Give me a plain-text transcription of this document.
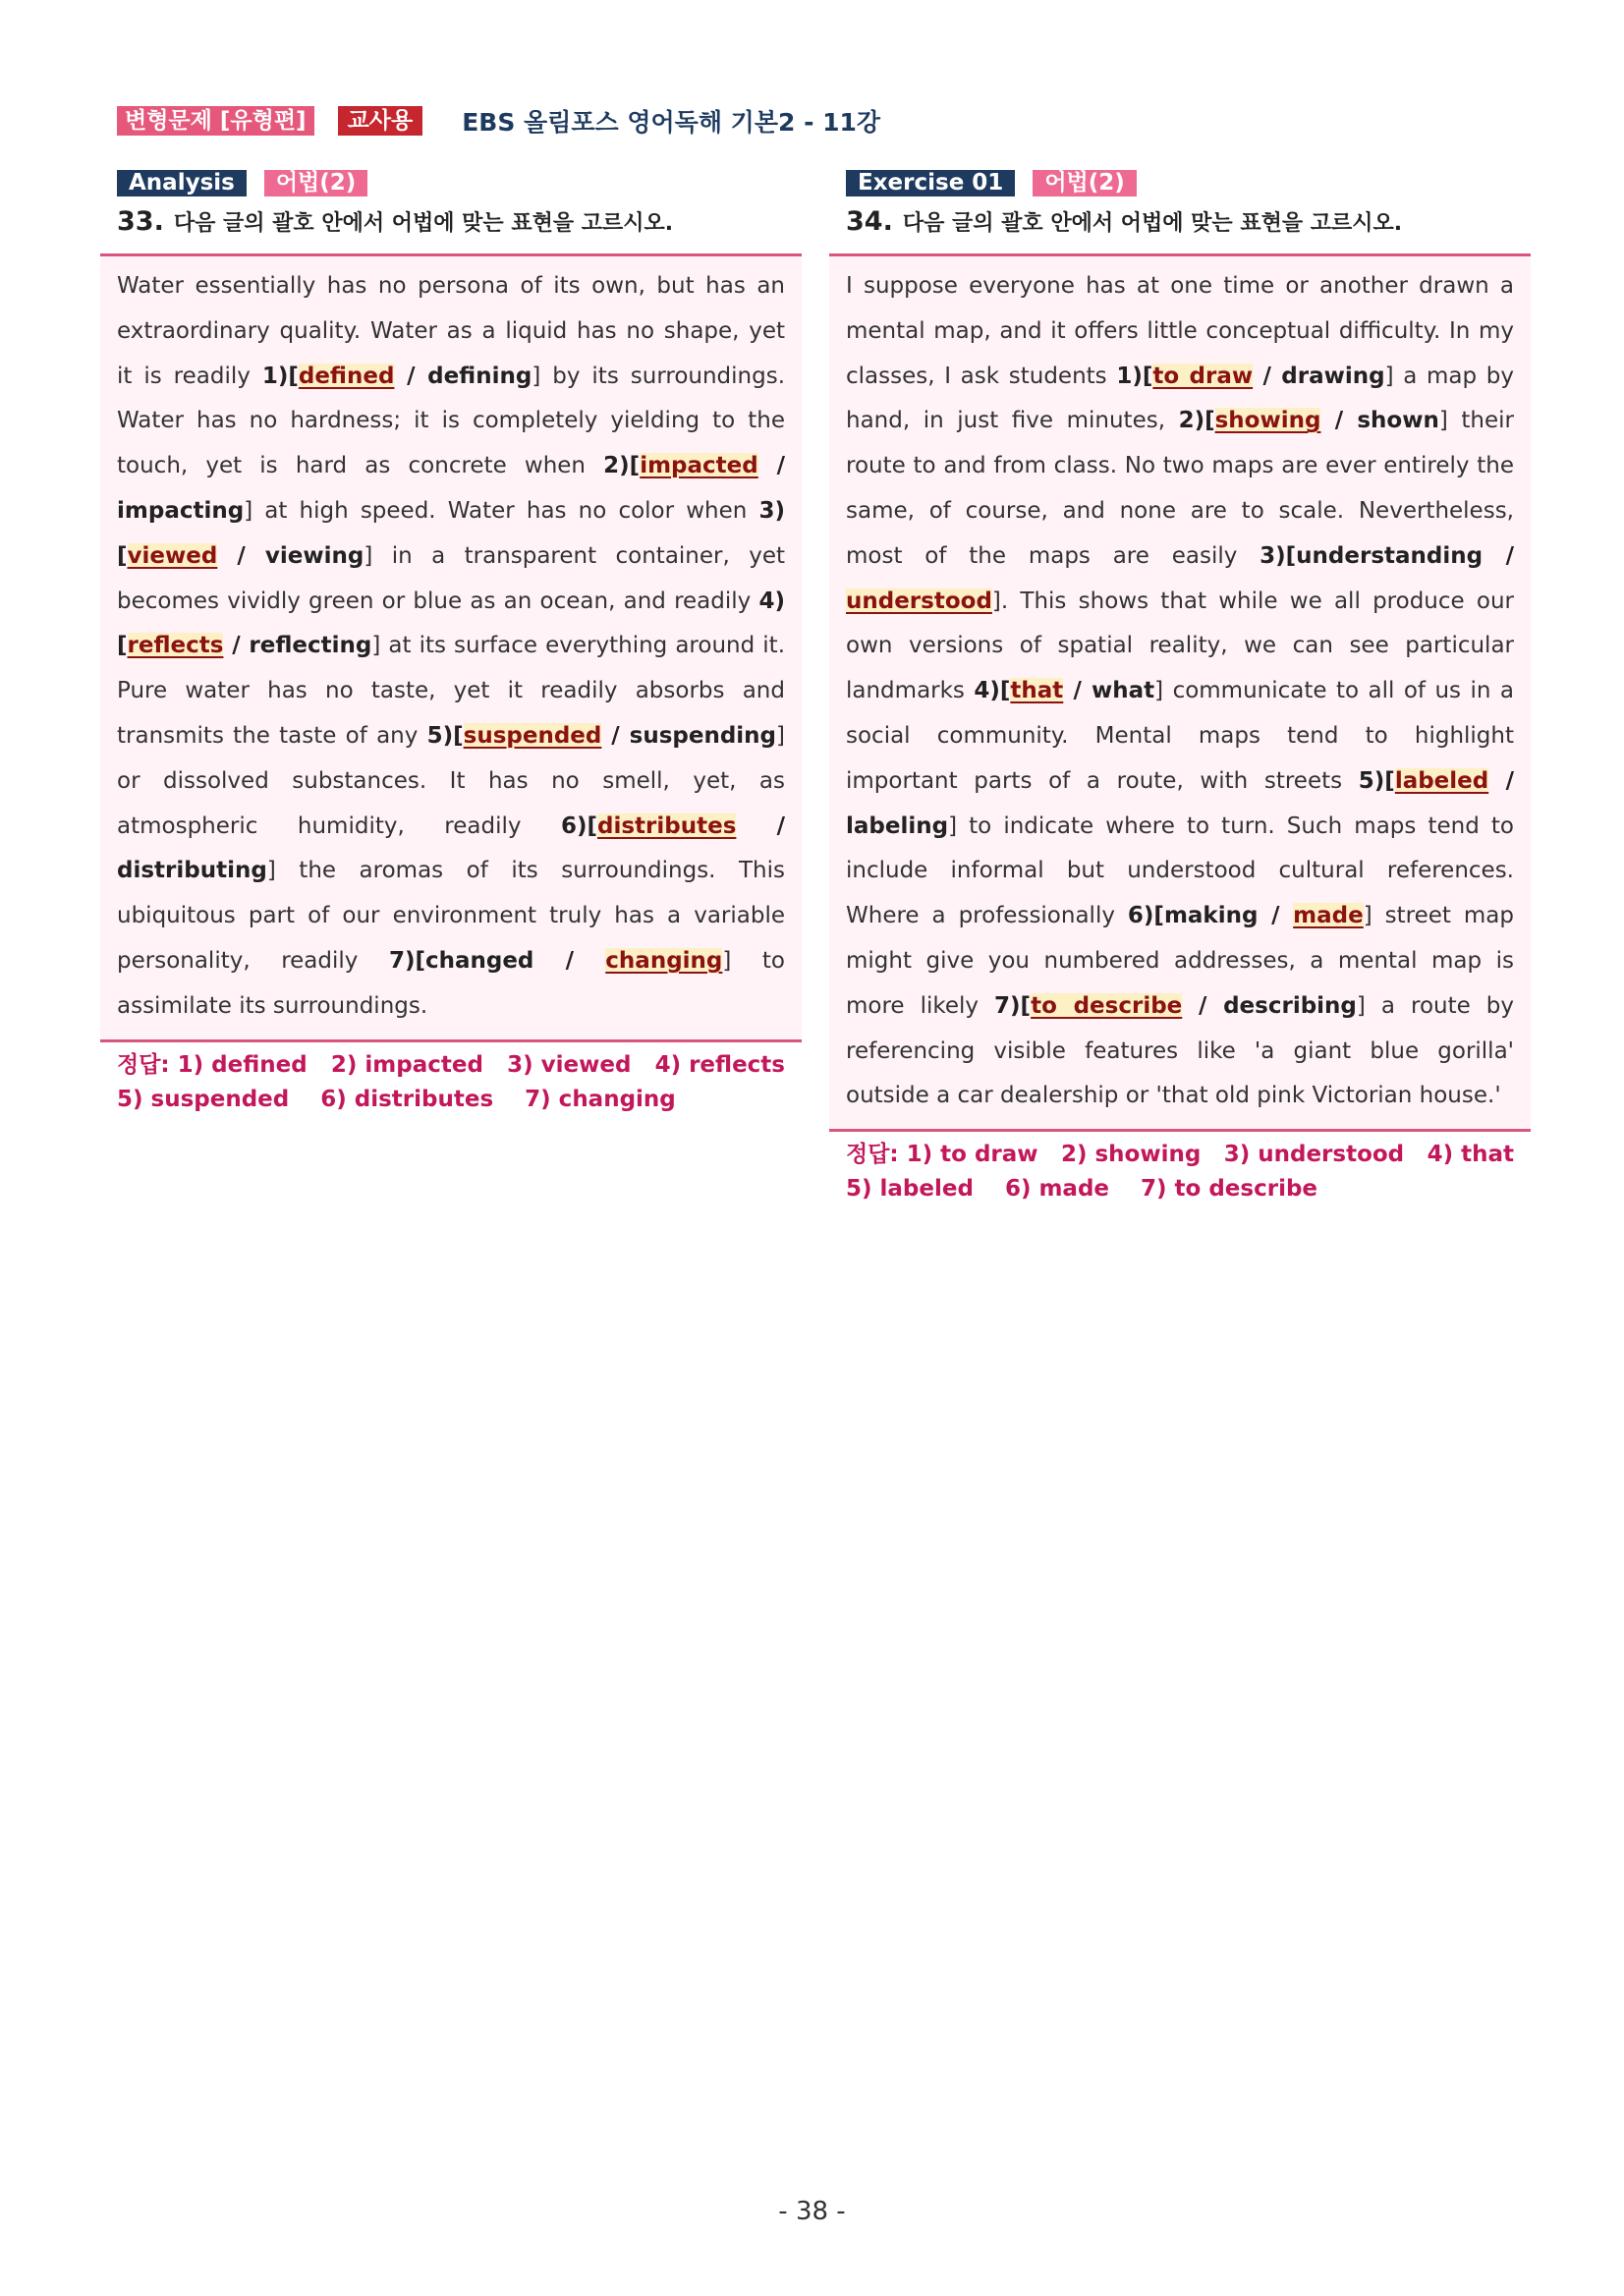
변형문제 [유형편]	교사용	EBS 올림포스 영어독해 기본2 - 11강
Analysis	어법(2)
33. 다음 글의 괄호 안에서 어법에 맞는 표현을 고르시오.
Water essentially has no persona of its own, but has an extraordinary quality. Water as a liquid has no shape, yet it is readily 1)[defined / defining] by its surroundings. Water has no hardness; it is completely yielding to the touch, yet is hard as concrete when 2)[impacted / impacting] at high speed. Water has no color when 3)[viewed / viewing] in a transparent container, yet becomes vividly green or blue as an ocean, and readily 4)[reflects / reflecting] at its surface everything around it. Pure water has no taste, yet it readily absorbs and transmits the taste of any 5)[suspended / suspending] or dissolved substances. It has no smell, yet, as atmospheric humidity, readily 6)[distributes / distributing] the aromas of its surroundings. This ubiquitous part of our environment truly has a variable personality, readily 7)[changed / changing] to assimilate its surroundings.
정답: 1) defined 2) impacted 3) viewed 4) reflects
5) suspended 6) distributes 7) changing
Exercise 01	어법(2)
34. 다음 글의 괄호 안에서 어법에 맞는 표현을 고르시오.
I suppose everyone has at one time or another drawn a mental map, and it offers little conceptual difficulty. In my classes, I ask students 1)[to draw / drawing] a map by hand, in just five minutes, 2)[showing / shown] their route to and from class. No two maps are ever entirely the same, of course, and none are to scale. Nevertheless, most of the maps are easily 3)[understanding / understood]. This shows that while we all produce our own versions of spatial reality, we can see particular landmarks 4)[that / what] communicate to all of us in a social community. Mental maps tend to highlight important parts of a route, with streets 5)[labeled / labeling] to indicate where to turn. Such maps tend to include informal but understood cultural references. Where a professionally 6)[making / made] street map might give you numbered addresses, a mental map is more likely 7)[to describe / describing] a route by referencing visible features like 'a giant blue gorilla' outside a car dealership or 'that old pink Victorian house.'
정답: 1) to draw 2) showing 3) understood 4) that
5) labeled 6) made 7) to describe
- 38 -
